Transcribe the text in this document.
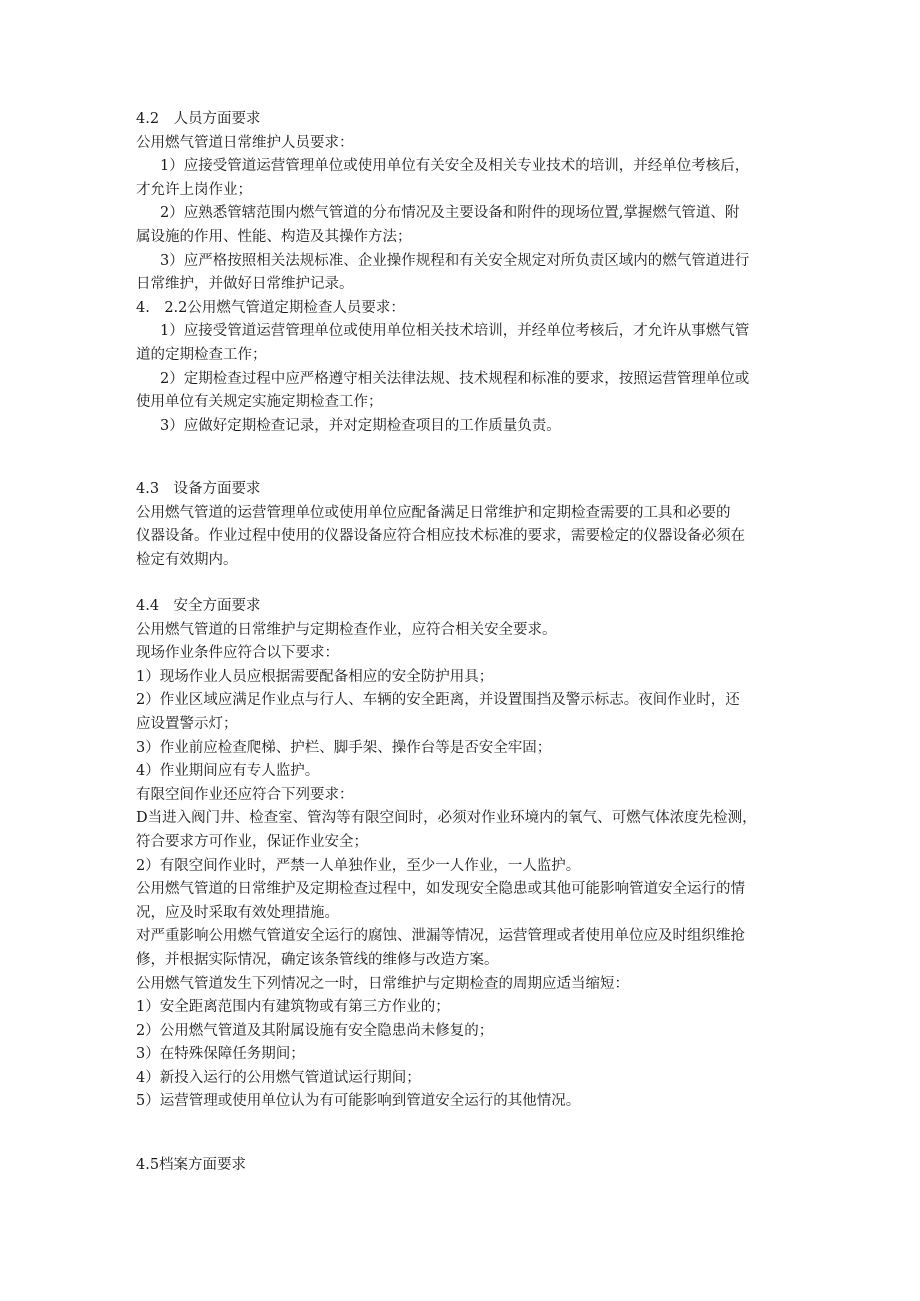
4.2　人员方面要求
公用燃气管道日常维护人员要求：
1）应接受管道运营管理单位或使用单位有关安全及相关专业技术的培训，并经单位考核后，
才允许上岗作业；
2）应熟悉管辖范围内燃气管道的分布情况及主要设备和附件的现场位置,掌握燃气管道、附
属设施的作用、性能、构造及其操作方法；
3）应严格按照相关法规标准、企业操作规程和有关安全规定对所负责区域内的燃气管道进行
日常维护，并做好日常维护记录。
4.　2.2公用燃气管道定期检查人员要求：
1）应接受管道运营管理单位或使用单位相关技术培训，并经单位考核后，才允许从事燃气管
道的定期检查工作；
2）定期检查过程中应严格遵守相关法律法规、技术规程和标准的要求，按照运营管理单位或
使用单位有关规定实施定期检查工作；
3）应做好定期检查记录，并对定期检查项目的工作质量负责。
4.3　设备方面要求
公用燃气管道的运营管理单位或使用单位应配备满足日常维护和定期检查需要的工具和必要的
仪器设备。作业过程中使用的仪器设备应符合相应技术标准的要求，需要检定的仪器设备必须在
检定有效期内。
4.4　安全方面要求
公用燃气管道的日常维护与定期检查作业，应符合相关安全要求。
现场作业条件应符合以下要求：
1）现场作业人员应根据需要配备相应的安全防护用具；
2）作业区域应满足作业点与行人、车辆的安全距离，并设置围挡及警示标志。夜间作业时，还
应设置警示灯；
3）作业前应检查爬梯、护栏、脚手架、操作台等是否安全牢固；
4）作业期间应有专人监护。
有限空间作业还应符合下列要求：
D当进入阀门井、检查室、管沟等有限空间时，必须对作业环境内的氧气、可燃气体浓度先检测，
符合要求方可作业，保证作业安全；
2）有限空间作业时，严禁一人单独作业，至少一人作业，一人监护。
公用燃气管道的日常维护及定期检查过程中，如发现安全隐患或其他可能影响管道安全运行的情
况，应及时采取有效处理措施。
对严重影响公用燃气管道安全运行的腐蚀、泄漏等情况，运营管理或者使用单位应及时组织维抢
修，并根据实际情况，确定该条管线的维修与改造方案。
公用燃气管道发生下列情况之一时，日常维护与定期检查的周期应适当缩短：
1）安全距离范围内有建筑物或有第三方作业的；
2）公用燃气管道及其附属设施有安全隐患尚未修复的；
3）在特殊保障任务期间；
4）新投入运行的公用燃气管道试运行期间；
5）运营管理或使用单位认为有可能影响到管道安全运行的其他情况。
4.5档案方面要求
